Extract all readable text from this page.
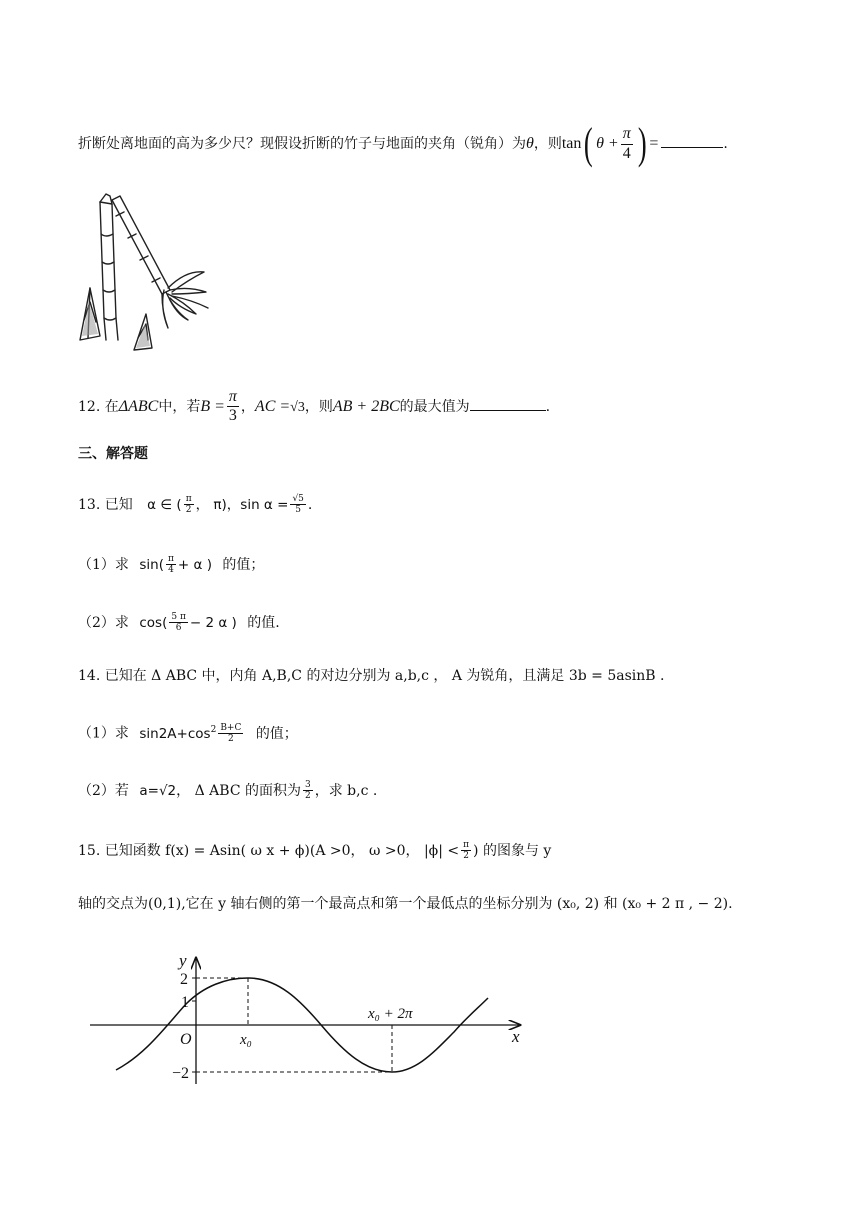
折断处离地面的高为多少尺？现假设折断的竹子与地面的夹角（锐角）为θ，则tan( $\theta + \frac{\pi}{4}$ ) =	.
12. 在ΔABC中，若$B = \frac{\pi}{3}$ ，AC =√3，则AB + 2BC的最大值为	.
三、解答题
13. 已知 α ∈ ( $\frac{\pi}{2}$ ， π)，$\sin \alpha = \frac{√5}{5}$ .
（1）求 $\sin( \frac{\pi}{4} + \alpha$ ) 的值；
（2）求 $\cos( \frac{5 \pi}{6} - 2$ α ) 的值.
14. 已知在 Δ ABC 中，内角 A,B,C 的对边分别为 a,b,c ， A 为锐角，且满足 3b = 5asinB .
（1）求 $\sin 2A+\cos^2 \frac{B+C}{2}$ 的值；
（2）若 a=√2， Δ ABC 的面积为 $\frac{3}{2}$ ，求 b,c .
15. 已知函数 f(x) = Asin( ω x + ϕ)(A >0， ω >0， $|\phi| < \frac{\pi}{2}$ ) 的图象与 y
轴的交点为(0,1),它在 y 轴右侧的第一个最高点和第一个最低点的坐标分别为 (x₀, 2) 和 (x₀ + 2 π , − 2).
y
x
2
1
−2
O	x₀
x₀ + 2π
